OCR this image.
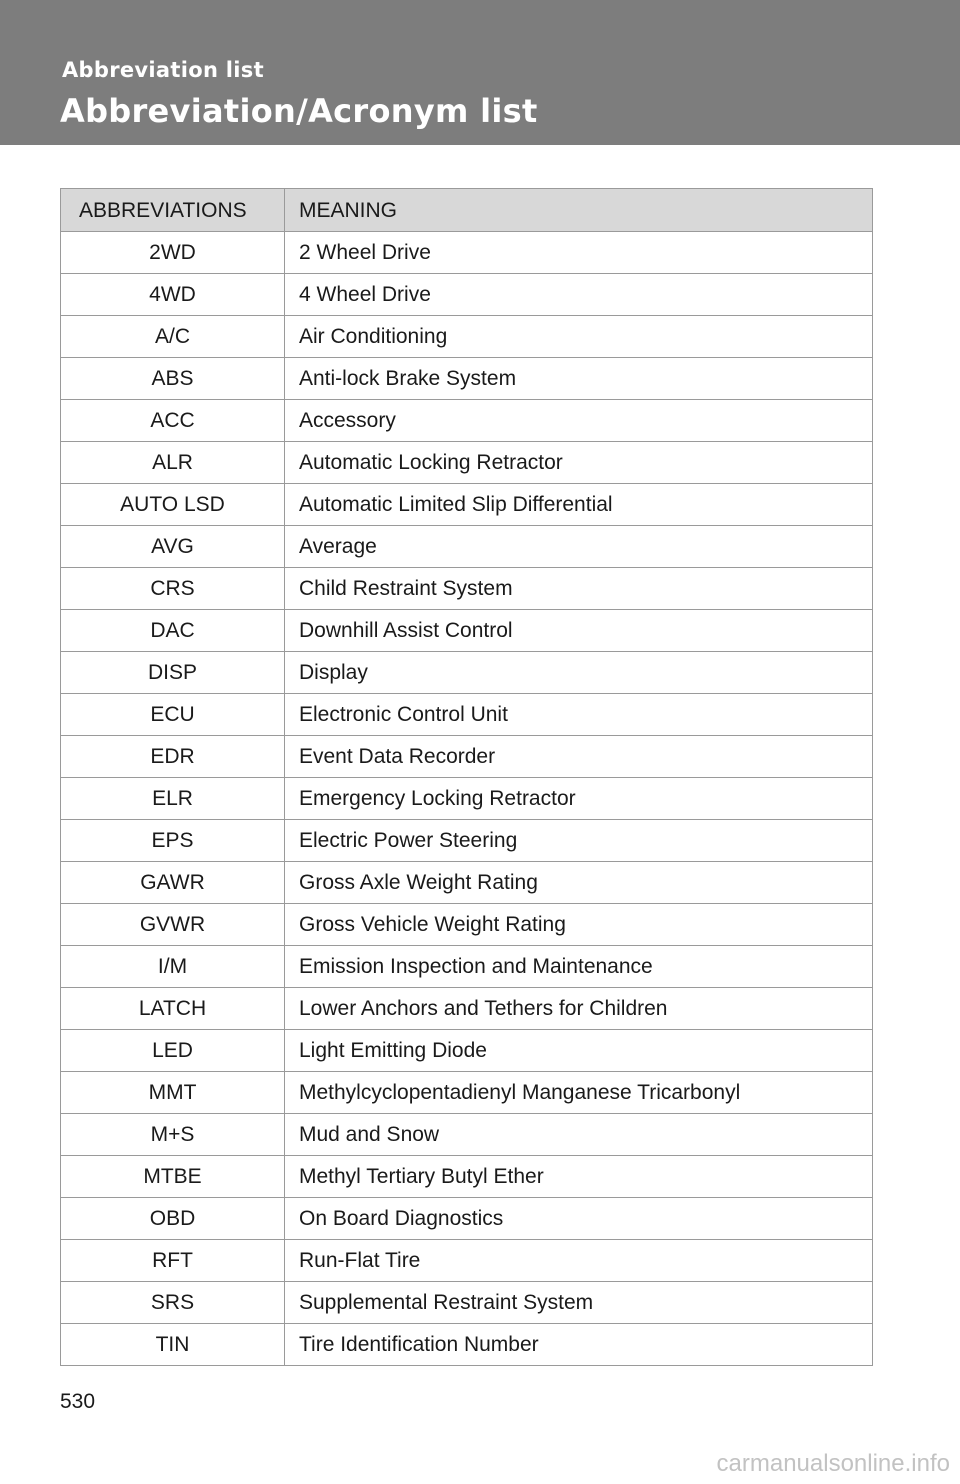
Abbreviation list
Abbreviation/Acronym list
ABBREVIATIONS	MEANING
2WD	2 Wheel Drive
4WD	4 Wheel Drive
A/C	Air Conditioning
ABS	Anti-lock Brake System
ACC	Accessory
ALR	Automatic Locking Retractor
AUTO LSD	Automatic Limited Slip Differential
AVG	Average
CRS	Child Restraint System
DAC	Downhill Assist Control
DISP	Display
ECU	Electronic Control Unit
EDR	Event Data Recorder
ELR	Emergency Locking Retractor
EPS	Electric Power Steering
GAWR	Gross Axle Weight Rating
GVWR	Gross Vehicle Weight Rating
I/M	Emission Inspection and Maintenance
LATCH	Lower Anchors and Tethers for Children
LED	Light Emitting Diode
MMT	Methylcyclopentadienyl Manganese Tricarbonyl
M+S	Mud and Snow
MTBE	Methyl Tertiary Butyl Ether
OBD	On Board Diagnostics
RFT	Run-Flat Tire
SRS	Supplemental Restraint System
TIN	Tire Identification Number
530
carmanualsonline.info
